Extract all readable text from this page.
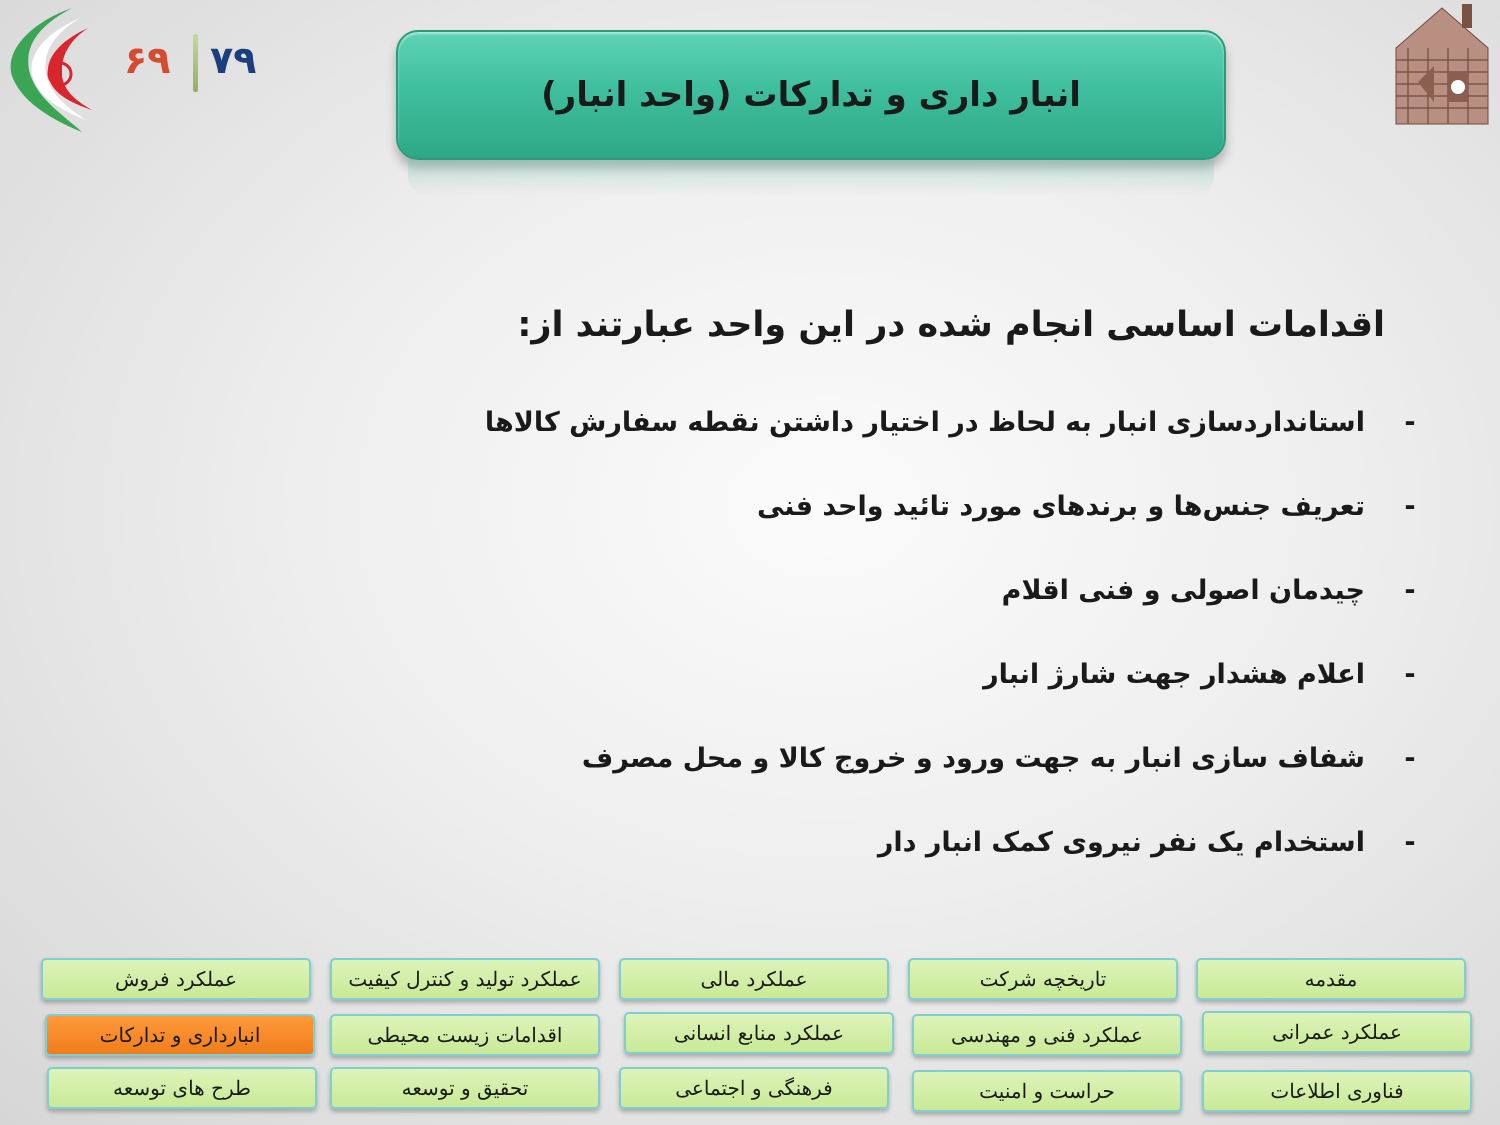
۶۹ ۷۹
انبار داری و تدارکات (واحد انبار)
اقدامات اساسی انجام شده در این واحد عبارتند از:
-
استانداردسازی انبار به لحاظ در اختیار داشتن نقطه سفارش کالاها
-
تعریف جنس‌ها و برندهای مورد تائید واحد فنی
-
چیدمان اصولی و فنی اقلام
-
اعلام هشدار جهت شارژ انبار
-
شفاف سازی انبار به جهت ورود و خروج کالا و محل مصرف
-
استخدام یک نفر نیروی کمک انبار دار
مقدمه
تاریخچه شرکت
عملکرد مالی
عملکرد تولید و کنترل کیفیت
عملکرد فروش
عملکرد عمرانی
عملکرد فنی و مهندسی
عملکرد منابع انسانی
اقدامات زیست محیطی
انبارداری و تدارکات
فناوری اطلاعات
حراست و امنیت
فرهنگی و اجتماعی
تحقیق و توسعه
طرح های توسعه
